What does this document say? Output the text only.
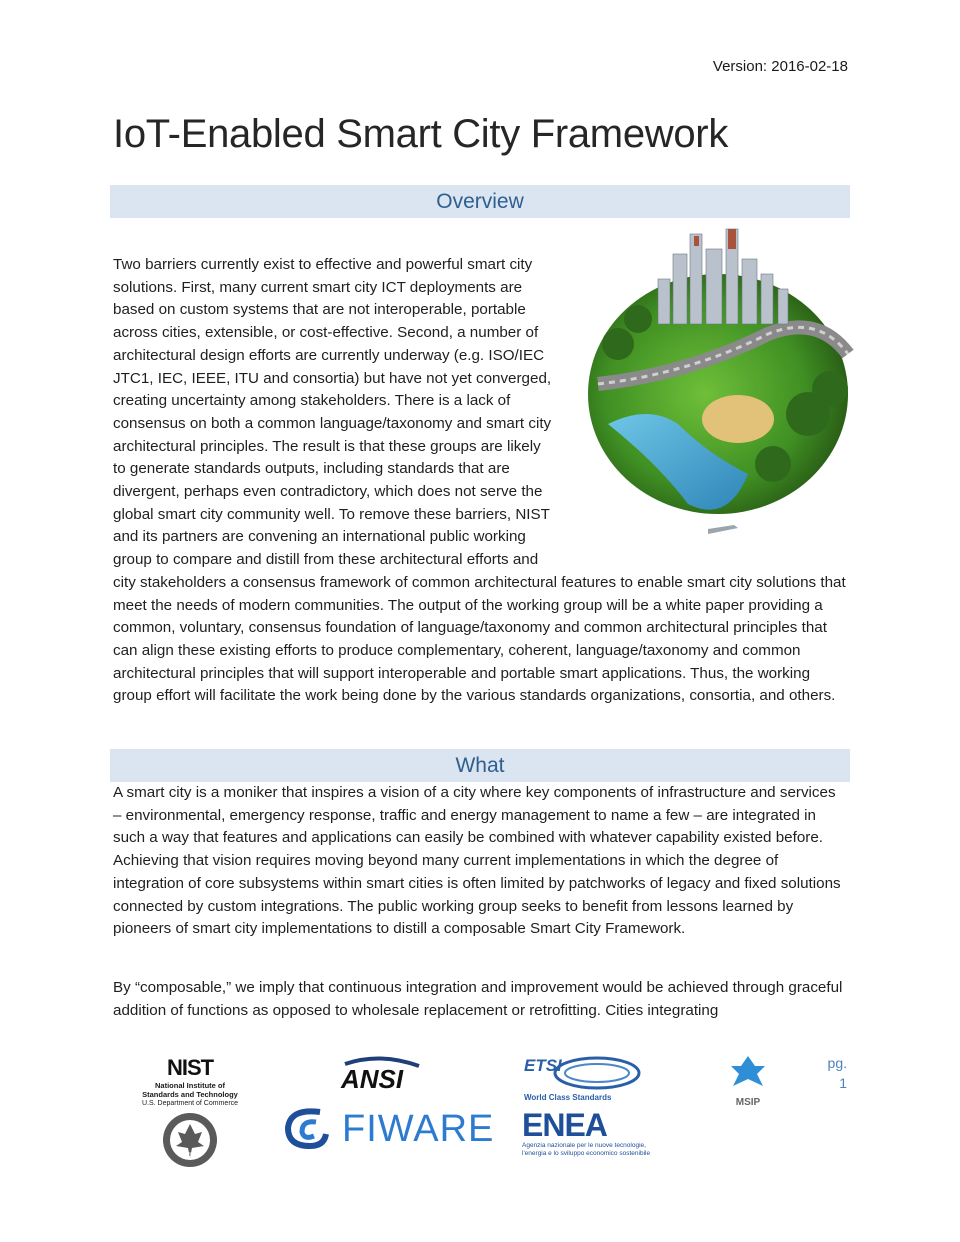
Version: 2016-02-18
IoT-Enabled Smart City Framework
Overview

Two barriers currently exist to effective and powerful smart city solutions. First, many current smart city ICT deployments are based on custom systems that are not interoperable, portable across cities, extensible, or cost-effective. Second, a number of architectural design efforts are currently underway (e.g. ISO/IEC JTC1, IEC, IEEE, ITU and consortia) but have not yet converged, creating uncertainty among stakeholders. There is a lack of consensus on both a common language/taxonomy and smart city architectural principles. The result is that these groups are likely to generate standards outputs, including standards that are divergent, perhaps even contradictory, which does not serve the global smart city community well. To remove these barriers, NIST and its partners are convening an international public working group to compare and distill from these architectural efforts and city stakeholders a consensus framework of common architectural features to enable smart city solutions that meet the needs of modern communities. The output of the working group will be a white paper providing a common, voluntary, consensus foundation of language/taxonomy and common architectural principles that can align these existing efforts to produce complementary, coherent, language/taxonomy and common architectural principles that will support interoperable and portable smart applications. Thus, the working group effort will facilitate the work being done by the various standards organizations, consortia, and others.

What

A smart city is a moniker that inspires a vision of a city where key components of infrastructure and services – environmental, emergency response, traffic and energy management to name a few – are integrated in such a way that features and applications can easily be combined with whatever capability existed before. Achieving that vision requires moving beyond many current implementations in which the degree of integration of core subsystems within smart cities is often limited by patchworks of legacy and fixed solutions connected by custom integrations. The public working group seeks to benefit from lessons learned by pioneers of smart city implementations to distill a composable Smart City Framework.

By “composable,” we imply that continuous integration and improvement would be achieved through graceful addition of functions as opposed to wholesale replacement or retrofitting. Cities integrating

NIST
National Institute of
Standards and Technology
U.S. Department of Commerce
USGBC
ANSI
FIWARE
ETSI
World Class Standards
ENEA
Agenzia nazionale per le nuove tecnologie,
l'energia e lo sviluppo economico sostenibile
MSIP
pg.
1
